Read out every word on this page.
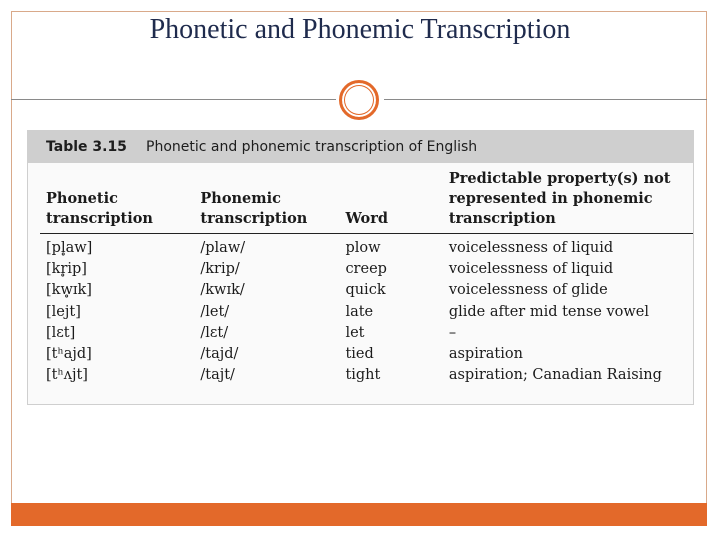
Phonetic and Phonemic Transcription
Table 3.15	Phonetic and phonemic transcription of English

Phonetic transcription	Phonemic transcription	Word	Predictable property(s) not represented in phonemic transcription
[pl̥aw]	/plaw/	plow	voicelessness of liquid
[kr̥ip]	/krip/	creep	voicelessness of liquid
[kw̥ɪk]	/kwɪk/	quick	voicelessness of glide
[lejt]	/let/	late	glide after mid tense vowel
[lɛt]	/lɛt/	let	–
[tʰajd]	/tajd/	tied	aspiration
[tʰʌjt]	/tajt/	tight	aspiration; Canadian Raising
